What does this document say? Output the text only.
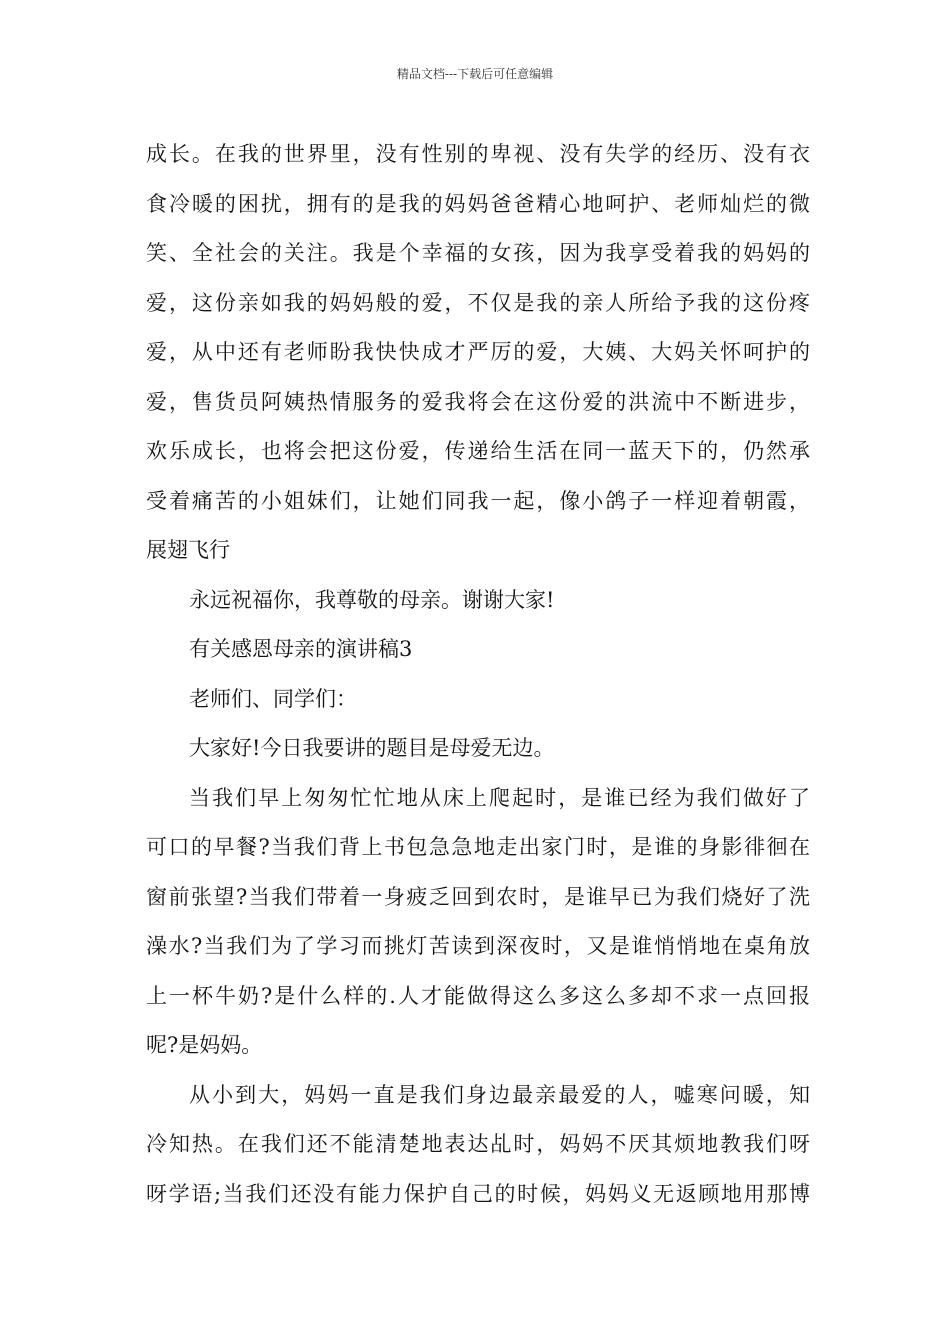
精品文档---下载后可任意编辑
成长。在我的世界里，没有性别的卑视、没有失学的经历、没有衣
食冷暖的困扰，拥有的是我的妈妈爸爸精心地呵护、老师灿烂的微
笑、全社会的关注。我是个幸福的女孩，因为我享受着我的妈妈的
爱，这份亲如我的妈妈般的爱，不仅是我的亲人所给予我的这份疼
爱，从中还有老师盼我快快成才严厉的爱，大姨、大妈关怀呵护的
爱，售货员阿姨热情服务的爱我将会在这份爱的洪流中不断进步，
欢乐成长，也将会把这份爱，传递给生活在同一蓝天下的，仍然承
受着痛苦的小姐妹们，让她们同我一起，像小鸽子一样迎着朝霞，
展翅飞行
永远祝福你，我尊敬的母亲。谢谢大家!
有关感恩母亲的演讲稿3
老师们、同学们：
大家好!今日我要讲的题目是母爱无边。
当我们早上匆匆忙忙地从床上爬起时，是谁已经为我们做好了
可口的早餐?当我们背上书包急急地走出家门时，是谁的身影徘徊在
窗前张望?当我们带着一身疲乏回到农时，是谁早已为我们烧好了洗
澡水?当我们为了学习而挑灯苦读到深夜时，又是谁悄悄地在桌角放
上一杯牛奶?是什么样的.人才能做得这么多这么多却不求一点回报
呢?是妈妈。
从小到大，妈妈一直是我们身边最亲最爱的人，嘘寒问暖，知
冷知热。在我们还不能清楚地表达乩时，妈妈不厌其烦地教我们呀
呀学语;当我们还没有能力保护自己的时候，妈妈义无返顾地用那博
